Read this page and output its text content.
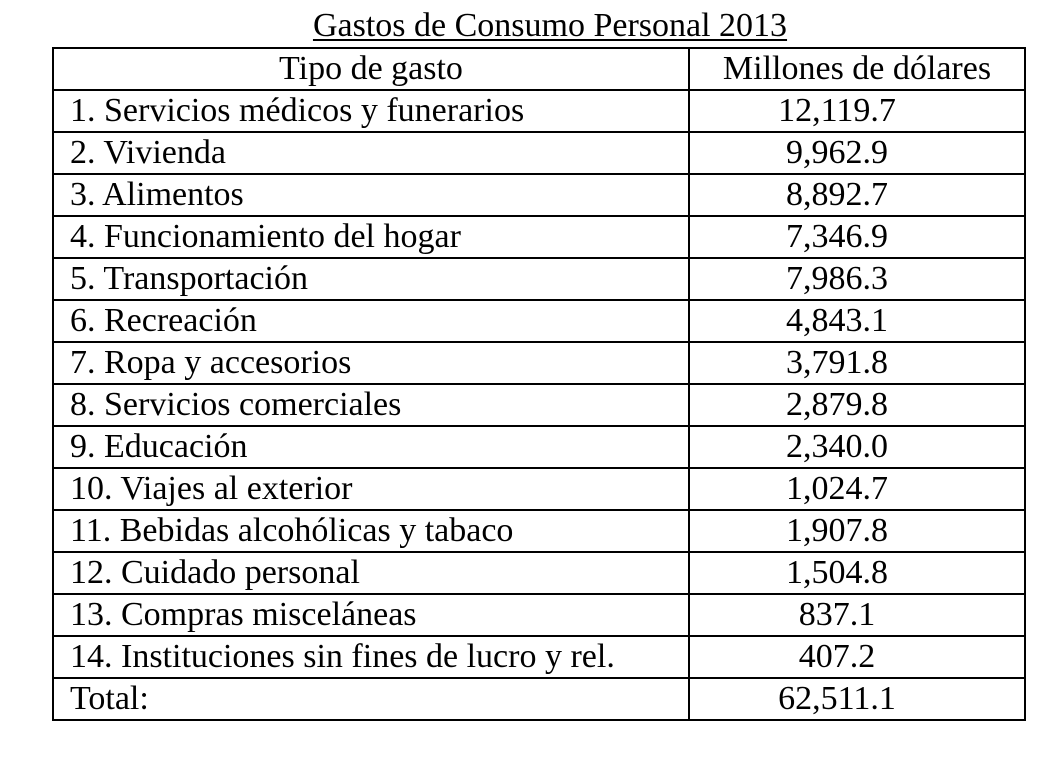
Gastos de Consumo Personal 2013
Tipo de gasto	Millones de dólares
1. Servicios médicos y funerarios	12,119.7
2. Vivienda	9,962.9
3. Alimentos	8,892.7
4. Funcionamiento del hogar	7,346.9
5. Transportación	7,986.3
6. Recreación	4,843.1
7. Ropa y accesorios	3,791.8
8. Servicios comerciales	2,879.8
9. Educación	2,340.0
10. Viajes al exterior	1,024.7
11. Bebidas alcohólicas y tabaco	1,907.8
12. Cuidado personal	1,504.8
13. Compras misceláneas	837.1
14. Instituciones sin fines de lucro y rel.	407.2
Total:	62,511.1
